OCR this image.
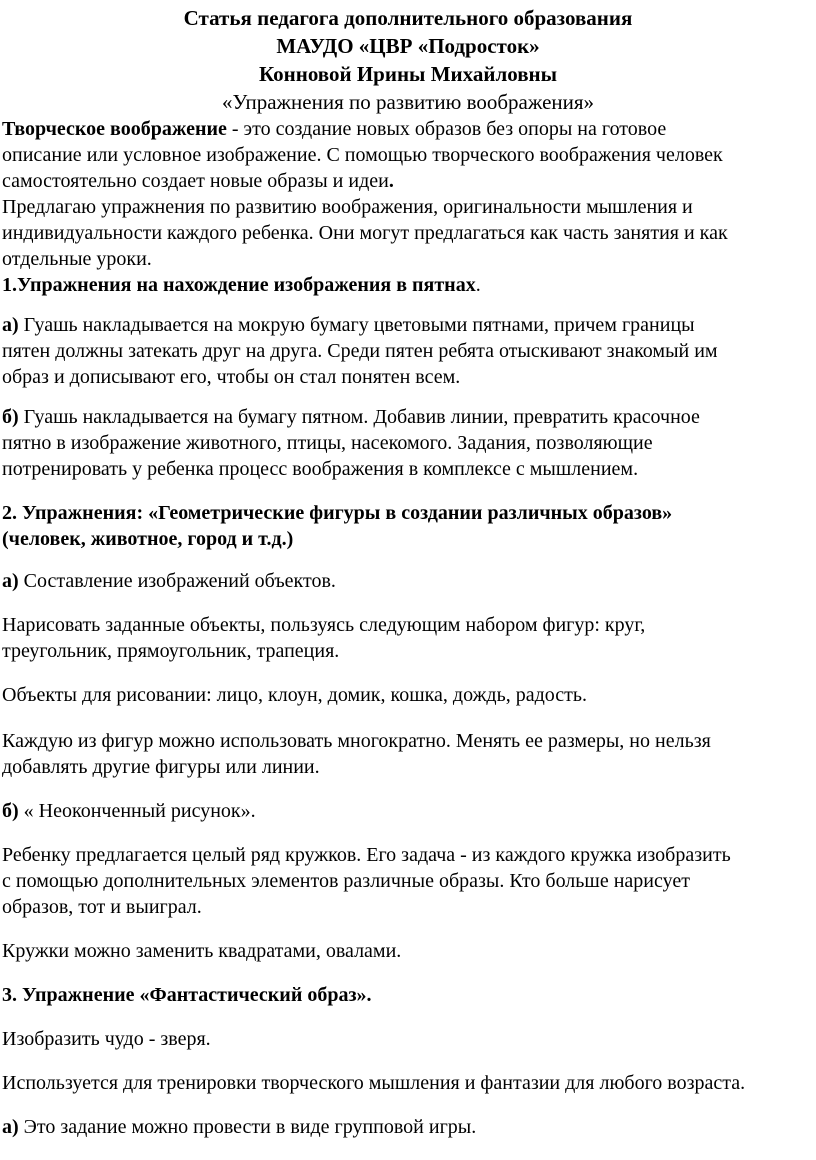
Статья педагога дополнительного образования
МАУДО «ЦВР «Подросток»
Конновой Ирины Михайловны
«Упражнения по развитию воображения»
Творческое воображение - это создание новых образов без опоры на готовое
описание или условное изображение. С помощью творческого воображения человек
самостоятельно создает новые образы и идеи.
Предлагаю упражнения по развитию воображения, оригинальности мышления и
индивидуальности каждого ребенка. Они могут предлагаться как часть занятия и как
отдельные уроки.
1.Упражнения на нахождение изображения в пятнах.
а) Гуашь накладывается на мокрую бумагу цветовыми пятнами, причем границы
пятен должны затекать друг на друга. Среди пятен ребята отыскивают знакомый им
образ и дописывают его, чтобы он стал понятен всем.
б) Гуашь накладывается на бумагу пятном. Добавив линии, превратить красочное
пятно в изображение животного, птицы, насекомого. Задания, позволяющие
потренировать у ребенка процесс воображения в комплексе с мышлением.
2. Упражнения: «Геометрические фигуры в создании различных образов»
(человек, животное, город и т.д.)
а) Составление изображений объектов.
Нарисовать заданные объекты, пользуясь следующим набором фигур: круг,
треугольник, прямоугольник, трапеция.
Объекты для рисовании: лицо, клоун, домик, кошка, дождь, радость.
Каждую из фигур можно использовать многократно. Менять ее размеры, но нельзя
добавлять другие фигуры или линии.
б) « Неоконченный рисунок».
Ребенку предлагается целый ряд кружков. Его задача - из каждого кружка изобразить
с помощью дополнительных элементов различные образы. Кто больше нарисует
образов, тот и выиграл.
Кружки можно заменить квадратами, овалами.
3. Упражнение «Фантастический образ».
Изобразить чудо - зверя.
Используется для тренировки творческого мышления и фантазии для любого возраста.
а) Это задание можно провести в виде групповой игры.
